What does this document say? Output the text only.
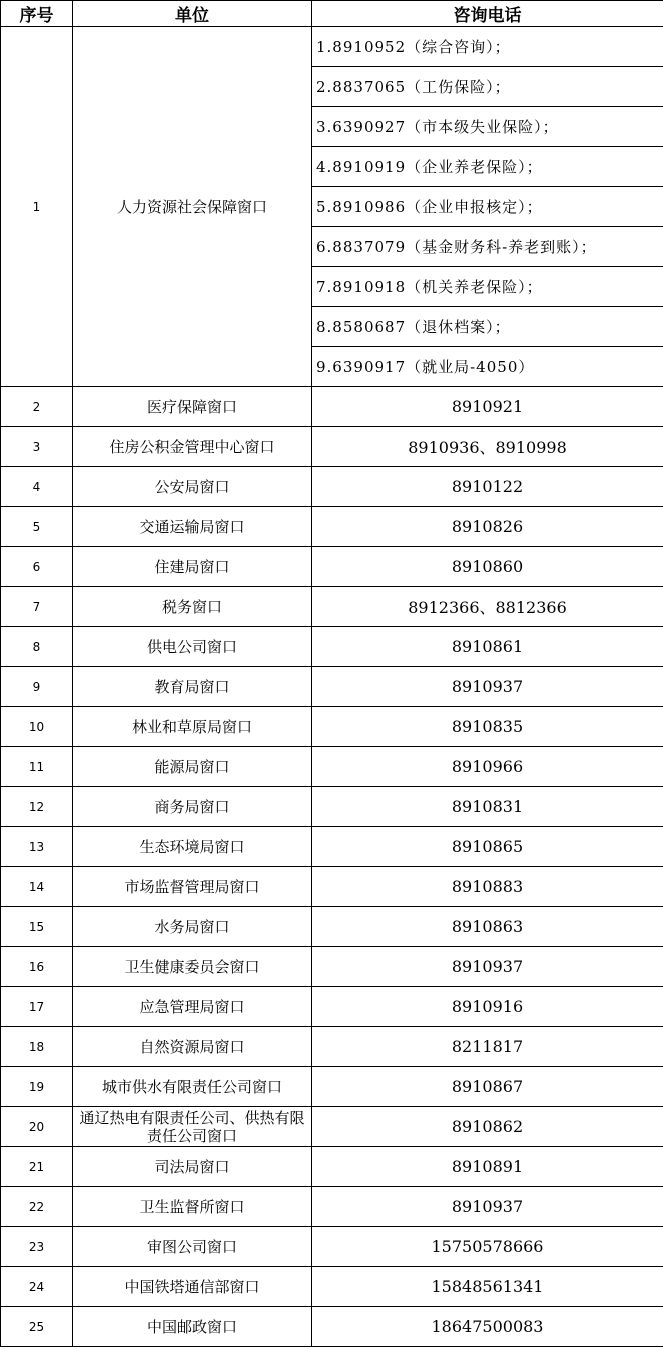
序号	单位	咨询电话
1	人力资源社会保障窗口	
1.8910952（综合咨询）；
2.8837065（工伤保险）；
3.6390927（市本级失业保险）；
4.8910919（企业养老保险）；
5.8910986（企业申报核定）；
6.8837079（基金财务科-养老到账）；
7.8910918（机关养老保险）；
8.8580687（退休档案）；
9.6390917（就业局-4050）

2	医疗保障窗口	8910921
3	住房公积金管理中心窗口	8910936、8910998
4	公安局窗口	8910122
5	交通运输局窗口	8910826
6	住建局窗口	8910860
7	税务窗口	8912366、8812366
8	供电公司窗口	8910861
9	教育局窗口	8910937
10	林业和草原局窗口	8910835
11	能源局窗口	8910966
12	商务局窗口	8910831
13	生态环境局窗口	8910865
14	市场监督管理局窗口	8910883
15	水务局窗口	8910863
16	卫生健康委员会窗口	8910937
17	应急管理局窗口	8910916
18	自然资源局窗口	8211817
19	城市供水有限责任公司窗口	8910867
20	通辽热电有限责任公司、供热有限责任公司窗口	8910862
21	司法局窗口	8910891
22	卫生监督所窗口	8910937
23	审图公司窗口	15750578666
24	中国铁塔通信部窗口	15848561341
25	中国邮政窗口	18647500083
